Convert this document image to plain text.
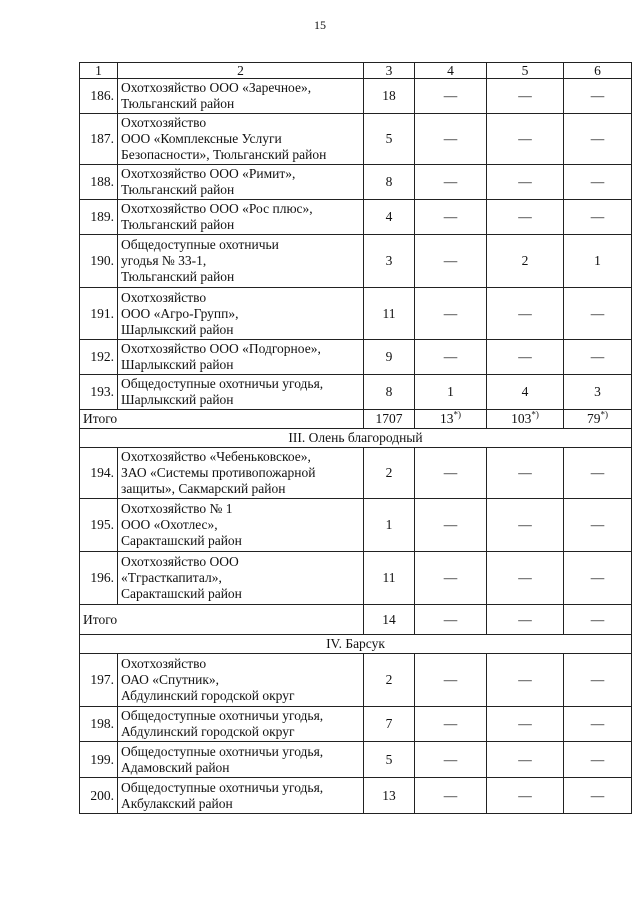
15
1	2	3	4	5	6
186.	Охотхозяйство ООО «Заречное»,
Тюльганский район	18	—	—	—
187.	Охотхозяйство
ООО «Комплексные Услуги
Безопасности», Тюльганский район	5	—	—	—
188.	Охотхозяйство ООО «Римит»,
Тюльганский район	8	—	—	—
189.	Охотхозяйство ООО «Рос плюс»,
Тюльганский район	4	—	—	—
190.	Общедоступные охотничьи
угодья № 33-1,
Тюльганский район	3	—	2	1
191.	Охотхозяйство
ООО «Агро-Групп»,
Шарлыкский район	11	—	—	—
192.	Охотхозяйство ООО «Подгорное»,
Шарлыкский район	9	—	—	—
193.	Общедоступные охотничьи угодья,
Шарлыкский район	8	1	4	3
Итого		1707	13*)	103*)	79*)
III. Олень благородный					
194.	Охотхозяйство «Чебеньковское»,
ЗАО «Системы противопожарной
защиты», Сакмарский район	2	—	—	—
195.	Охотхозяйство № 1
ООО «Охотлес»,
Саракташский район	1	—	—	—
196.	Охотхозяйство ООО
«Тграсткапитал»,
Саракташский район	11	—	—	—
Итого		14	—	—	—
IV. Барсук					
197.	Охотхозяйство
ОАО «Спутник»,
Абдулинский городской округ	2	—	—	—
198.	Общедоступные охотничьи угодья,
Абдулинский городской округ	7	—	—	—
199.	Общедоступные охотничьи угодья,
Адамовский район	5	—	—	—
200.	Общедоступные охотничьи угодья,
Акбулакский район	13	—	—	—
